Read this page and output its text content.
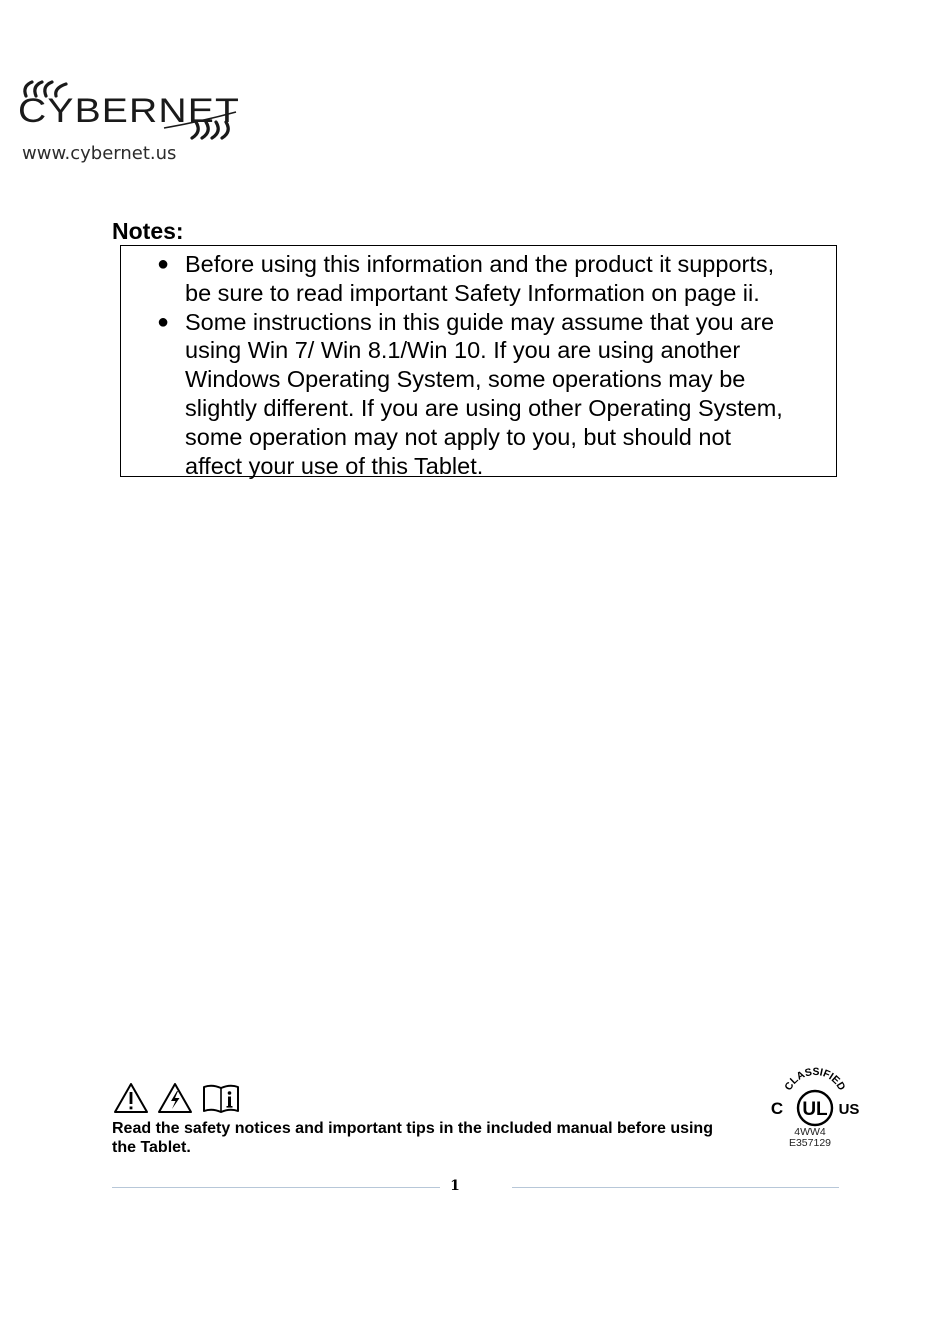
CYBERNET
www.cybernet.us
Notes:
● Before using this information and the product it supports,
be sure to read important Safety Information on page ii.
● Some instructions in this guide may assume that you are
using Win 7/ Win 8.1/Win 10. If you are using another
Windows Operating System, some operations may be
slightly different. If you are using other Operating System,
some operation may not apply to you, but should not
affect your use of this Tablet.

Read the safety notices and important tips in the included manual before using
the Tablet.
CLASSIFIED
UL
C	US
4WW4
E357129
1
